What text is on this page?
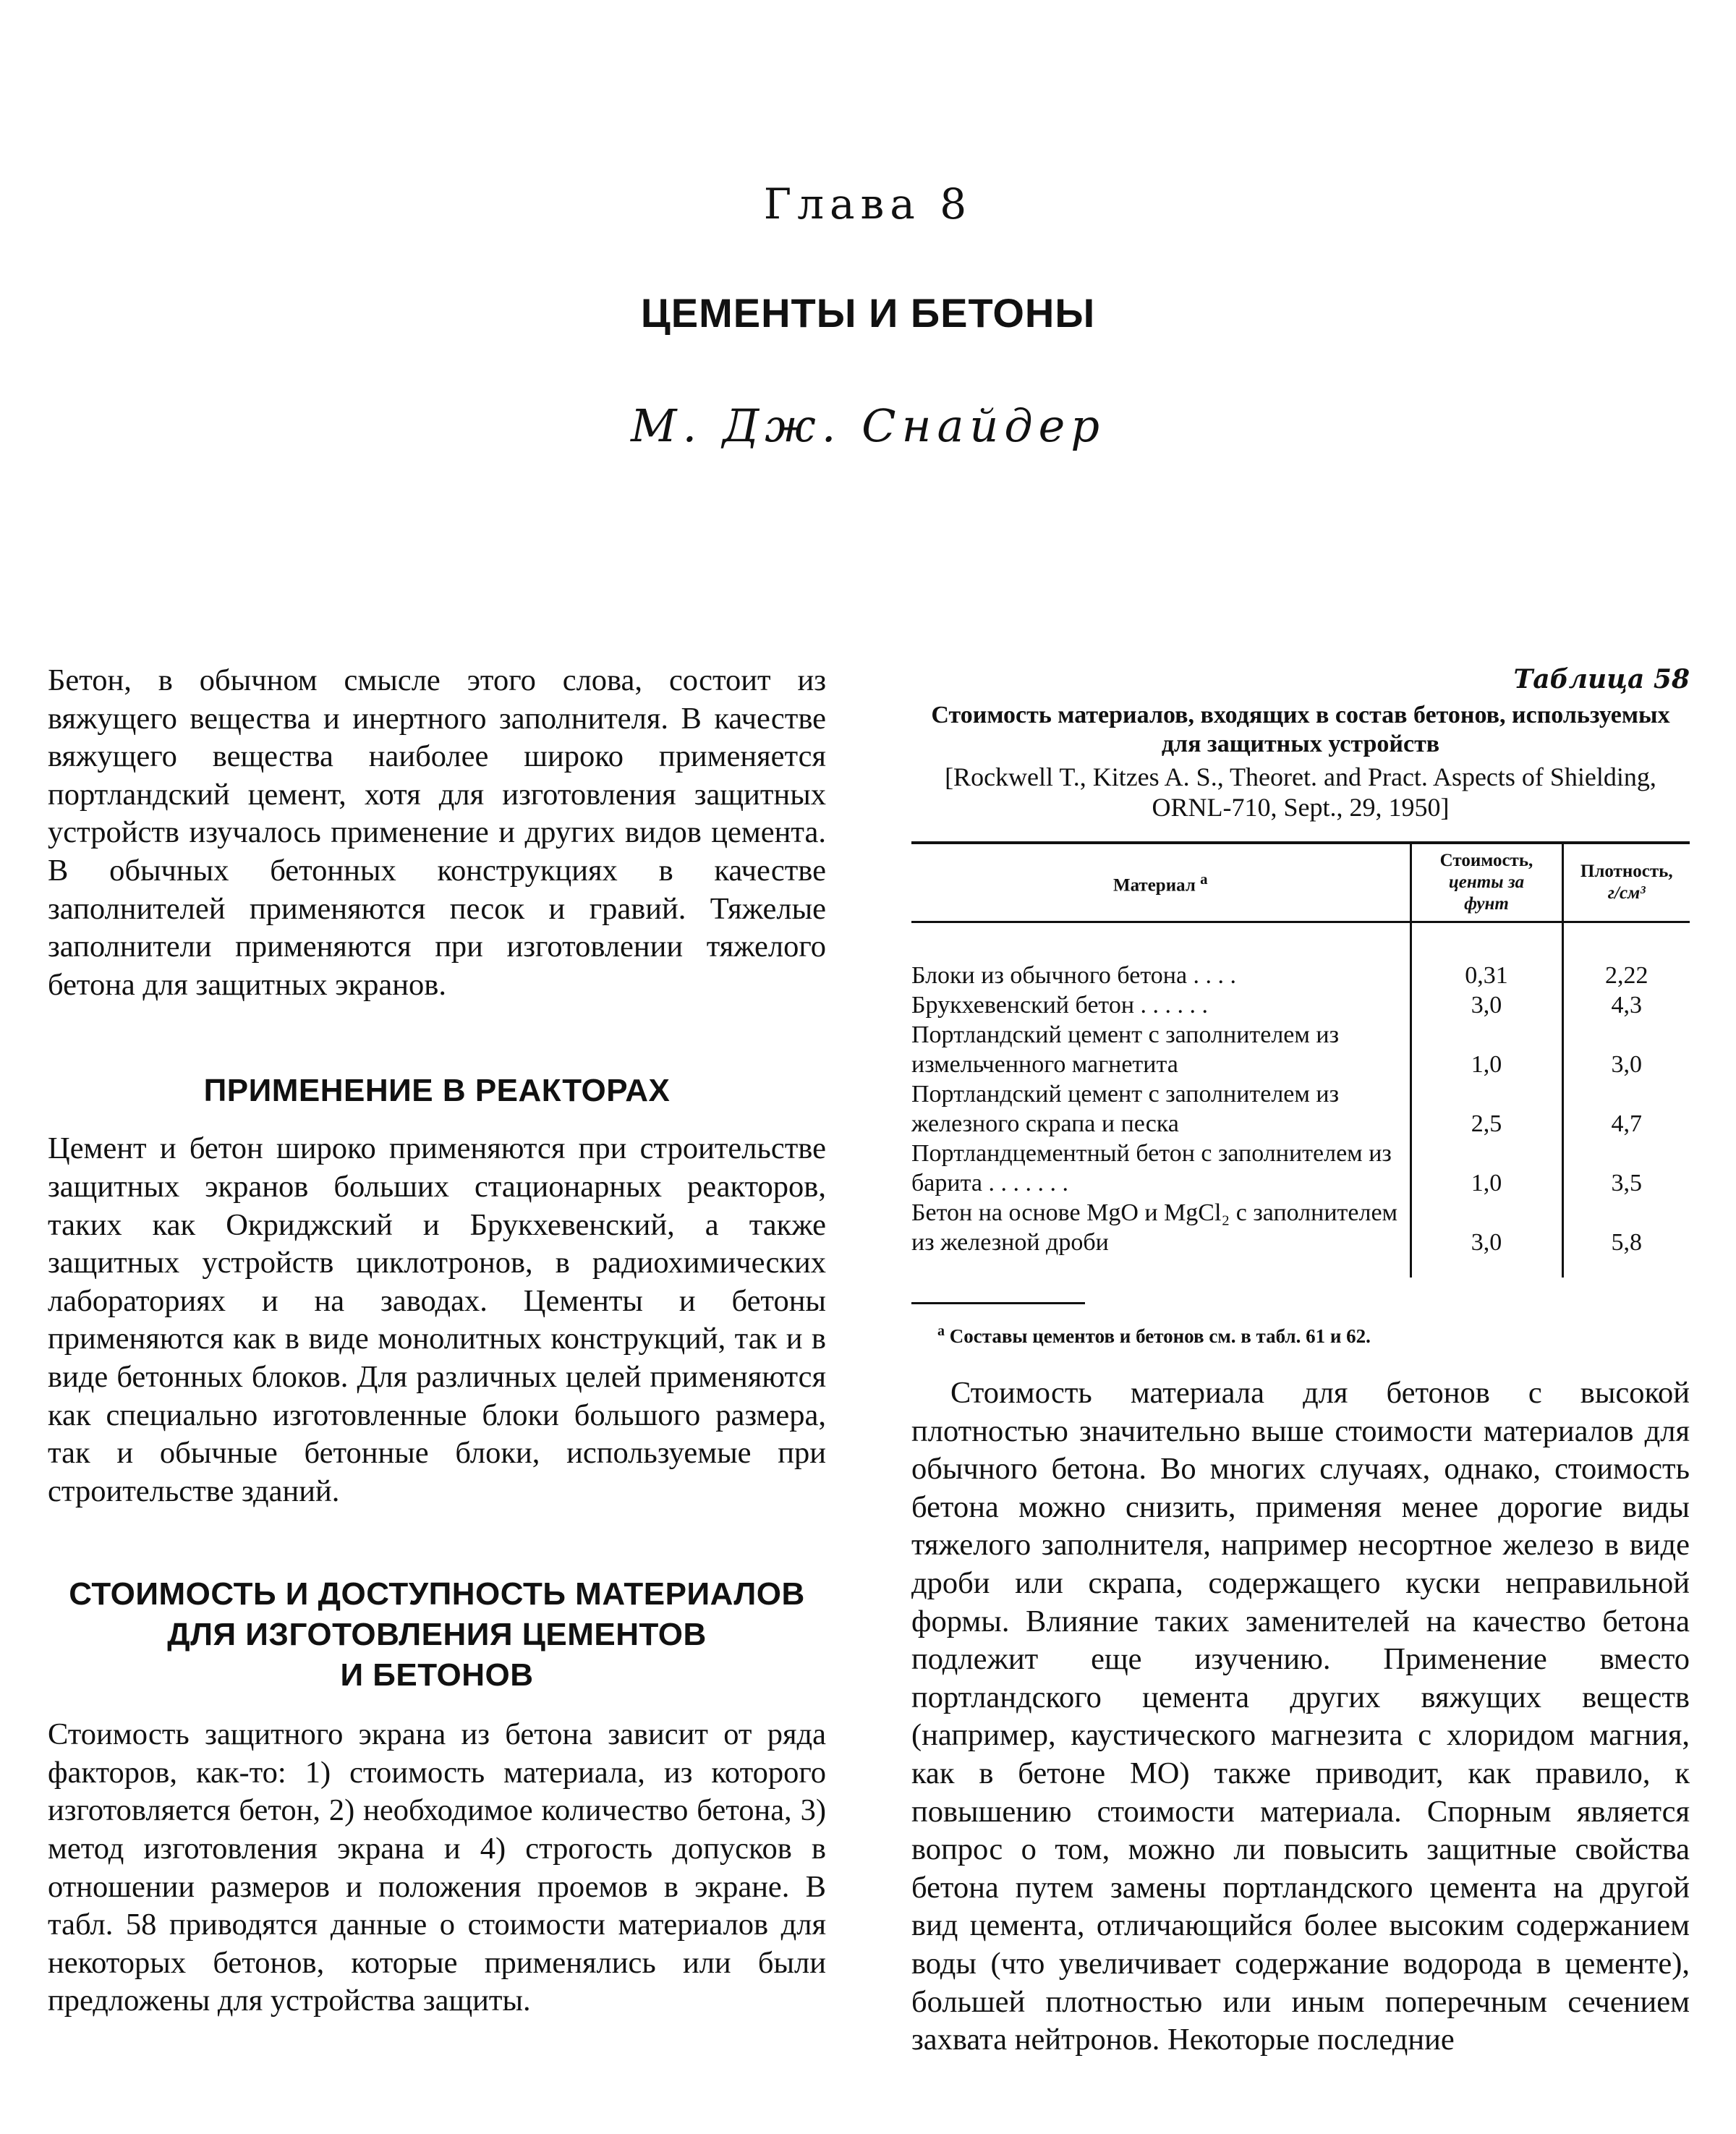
Глава 8
ЦЕМЕНТЫ И БЕТОНЫ
М. Дж. Снайдер

Бетон, в обычном смысле этого слова, состоит из вяжущего вещества и инертного заполнителя. В качестве вяжущего вещества наиболее широко применяется портландский цемент, хотя для изготовления защитных устройств изучалось применение и других видов цемента. В обычных бетонных конструкциях в качестве заполнителей применяются песок и гравий. Тяжелые заполнители применяются при изготовлении тяжелого бетона для защитных экранов.

ПРИМЕНЕНИЕ В РЕАКТОРАХ

Цемент и бетон широко применяются при строительстве защитных экранов больших стационарных реакторов, таких как Окриджский и Брукхевенский, а также защитных устройств циклотронов, в радиохимических лабораториях и на заводах. Цементы и бетоны применяются как в виде монолитных конструкций, так и в виде бетонных блоков. Для различных целей применяются как специально изготовленные блоки большого размера, так и обычные бетонные блоки, используемые при строительстве зданий.

СТОИМОСТЬ И ДОСТУПНОСТЬ МАТЕРИАЛОВ
ДЛЯ ИЗГОТОВЛЕНИЯ ЦЕМЕНТОВ
И БЕТОНОВ

Стоимость защитного экрана из бетона зависит от ряда факторов, как-то: 1) стоимость материала, из которого изготовляется бетон, 2) необходимое количество бетона, 3) метод изготовления экрана и 4) строгость допусков в отношении размеров и положения проемов в экране. В табл. 58 приводятся данные о стоимости материалов для некоторых бетонов, которые применялись или были предложены для устройства защиты.

Таблица 58

Стоимость материалов, входящих в состав бетонов, используемых для защитных устройств

[Rockwell T., Kitzes A. S., Theoret. and Pract. Aspects of Shielding, ORNL-710, Sept., 29, 1950]

Материал $^а$	Стоимость,
центы за
фунт	Плотность,
г/см³
Блоки из обычного бетона . . . .	0,31	2,22
Брукхевенский бетон . . . . . .	3,0	4,3
Портландский цемент с заполнителем из измельченного магнетита	1,0	3,0
Портландский цемент с заполнителем из железного скрапа и песка	2,5	4,7
Портландцементный бетон с заполнителем из барита . . . . . . .	1,0	3,5
Бетон на основе MgO и MgCl₂ с заполнителем из железной дроби	3,0	5,8

$^а$ Составы цементов и бетонов см. в табл. 61 и 62.

Стоимость материала для бетонов с высокой плотностью значительно выше стоимости материалов для обычного бетона. Во многих случаях, однако, стоимость бетона можно снизить, применяя менее дорогие виды тяжелого заполнителя, например несортное железо в виде дроби или скрапа, содержащего куски неправильной формы. Влияние таких заменителей на качество бетона подлежит еще изучению. Применение вместо портландского цемента других вяжущих веществ (например, каустического магнезита с хлоридом магния, как в бетоне МО) также приводит, как правило, к повышению стоимости материала. Спорным является вопрос о том, можно ли повысить защитные свойства бетона путем замены портландского цемента на другой вид цемента, отличающийся более высоким содержанием воды (что увеличивает содержание водорода в цементе), большей плотностью или иным поперечным сечением захвата нейтронов. Некоторые последние
